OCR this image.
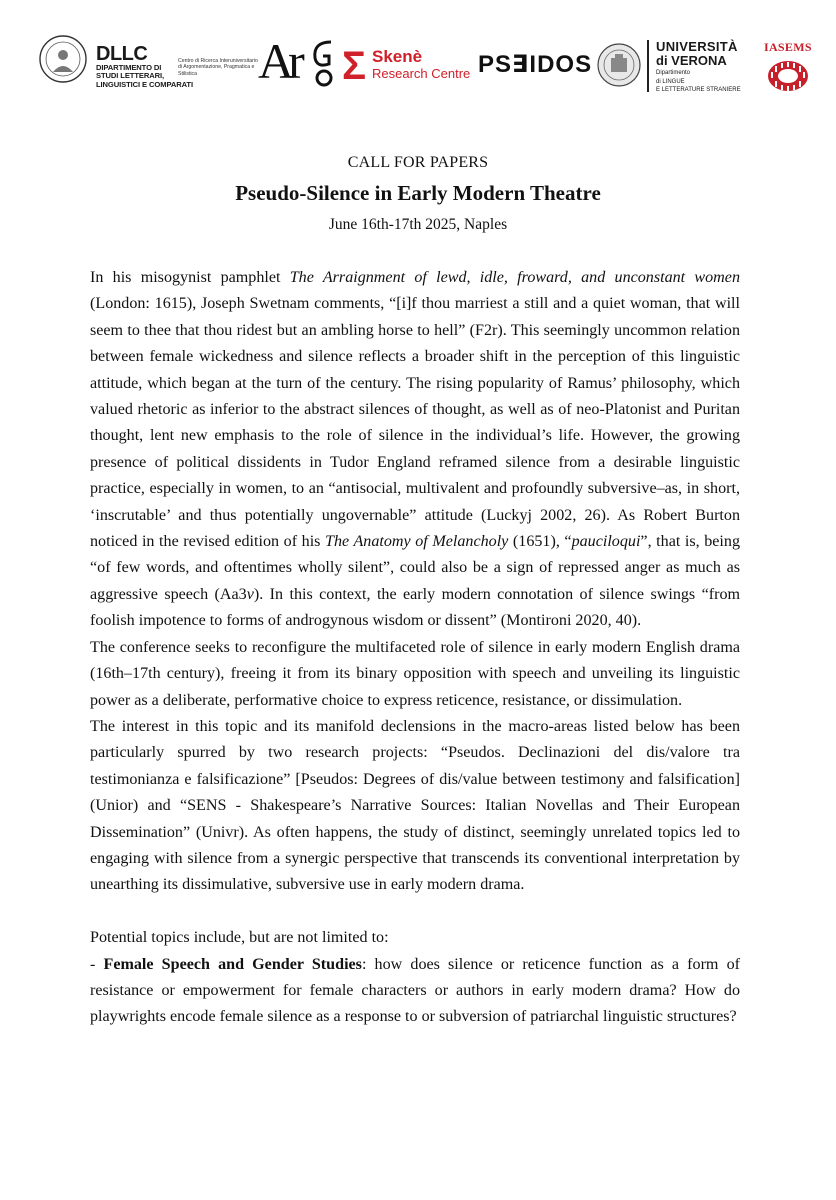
DLLC
DIPARTIMENTO DI
STUDI LETTERARI,
LINGUISTICI E COMPARATI
Centro di Ricerca Interuniversitario
di Argomentazione, Pragmatica e Stilistica	Ar	Σ Skenè
Research Centre PS∃IDOS
UNIVERSITÀ
di VERONA
Dipartimento
di LINGUE
E LETTERATURE STRANIERE
IASEMS
CALL FOR PAPERS
Pseudo-Silence in Early Modern Theatre
June 16th-17th 2025, Naples

In his misogynist pamphlet The Arraignment of lewd, idle, froward, and unconstant women (London: 1615), Joseph Swetnam comments, “[i]f thou marriest a still and a quiet woman, that will seem to thee that thou ridest but an ambling horse to hell” (F2r). This seemingly uncommon relation between female wickedness and silence reflects a broader shift in the perception of this linguistic attitude, which began at the turn of the century. The rising popularity of Ramus’ philosophy, which valued rhetoric as inferior to the abstract silences of thought, as well as of neo-Platonist and Puritan thought, lent new emphasis to the role of silence in the individual’s life. However, the growing presence of political dissidents in Tudor England reframed silence from a desirable linguistic practice, especially in women, to an “antisocial, multivalent and profoundly subversive–as, in short, ‘inscrutable’ and thus potentially ungovernable” attitude (Luckyj 2002, 26). As Robert Burton noticed in the revised edition of his The Anatomy of Melancholy (1651), “pauciloqui”, that is, being “of few words, and oftentimes wholly silent”, could also be a sign of repressed anger as much as aggressive speech (Aa3v). In this context, the early modern connotation of silence swings “from foolish impotence to forms of androgynous wisdom or dissent” (Montironi 2020, 40).

The conference seeks to reconfigure the multifaceted role of silence in early modern English drama (16th–17th century), freeing it from its binary opposition with speech and unveiling its linguistic power as a deliberate, performative choice to express reticence, resistance, or dissimulation.

The interest in this topic and its manifold declensions in the macro-areas listed below has been particularly spurred by two research projects: “Pseudos. Declinazioni del dis/valore tra testimonianza e falsificazione” [Pseudos: Degrees of dis/value between testimony and falsification] (Unior) and “SENS - Shakespeare’s Narrative Sources: Italian Novellas and Their European Dissemination” (Univr). As often happens, the study of distinct, seemingly unrelated topics led to engaging with silence from a synergic perspective that transcends its conventional interpretation by unearthing its dissimulative, subversive use in early modern drama.

Potential topics include, but are not limited to:

- Female Speech and Gender Studies: how does silence or reticence function as a form of resistance or empowerment for female characters or authors in early modern drama? How do playwrights encode female silence as a response to or subversion of patriarchal linguistic structures?
